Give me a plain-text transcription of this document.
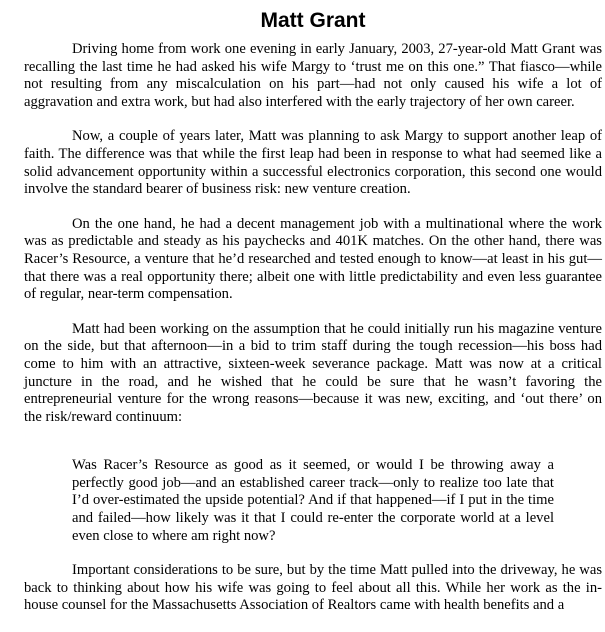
Matt Grant

Driving home from work one evening in early January, 2003, 27-year-old Matt Grant was recalling the last time he had asked his wife Margy to ‘trust me on this one.” That fiasco—while not resulting from any miscalculation on his part—had not only caused his wife a lot of aggravation and extra work, but had also interfered with the early trajectory of her own career.

Now, a couple of years later, Matt was planning to ask Margy to support another leap of faith. The difference was that while the first leap had been in response to what had seemed like a solid advancement opportunity within a successful electronics corporation, this second one would involve the standard bearer of business risk: new venture creation.

On the one hand, he had a decent management job with a multinational where the work was as predictable and steady as his paychecks and 401K matches. On the other hand, there was Racer’s Resource, a venture that he’d researched and tested enough to know—at least in his gut—that there was a real opportunity there; albeit one with little predictability and even less guarantee of regular, near-term compensation.

Matt had been working on the assumption that he could initially run his magazine venture on the side, but that afternoon—in a bid to trim staff during the tough recession—his boss had come to him with an attractive, sixteen-week severance package. Matt was now at a critical juncture in the road, and he wished that he could be sure that he wasn’t favoring the entrepreneurial venture for the wrong reasons—because it was new, exciting, and ‘out there’ on the risk/reward continuum:

Was Racer’s Resource as good as it seemed, or would I be throwing away a perfectly good job—and an established career track—only to realize too late that I’d over-estimated the upside potential? And if that happened—if I put in the time and failed—how likely was it that I could re-enter the corporate world at a level even close to where am right now?

Important considerations to be sure, but by the time Matt pulled into the driveway, he was back to thinking about how his wife was going to feel about all this. While her work as the in-house counsel for the Massachusetts Association of Realtors came with health benefits and a
